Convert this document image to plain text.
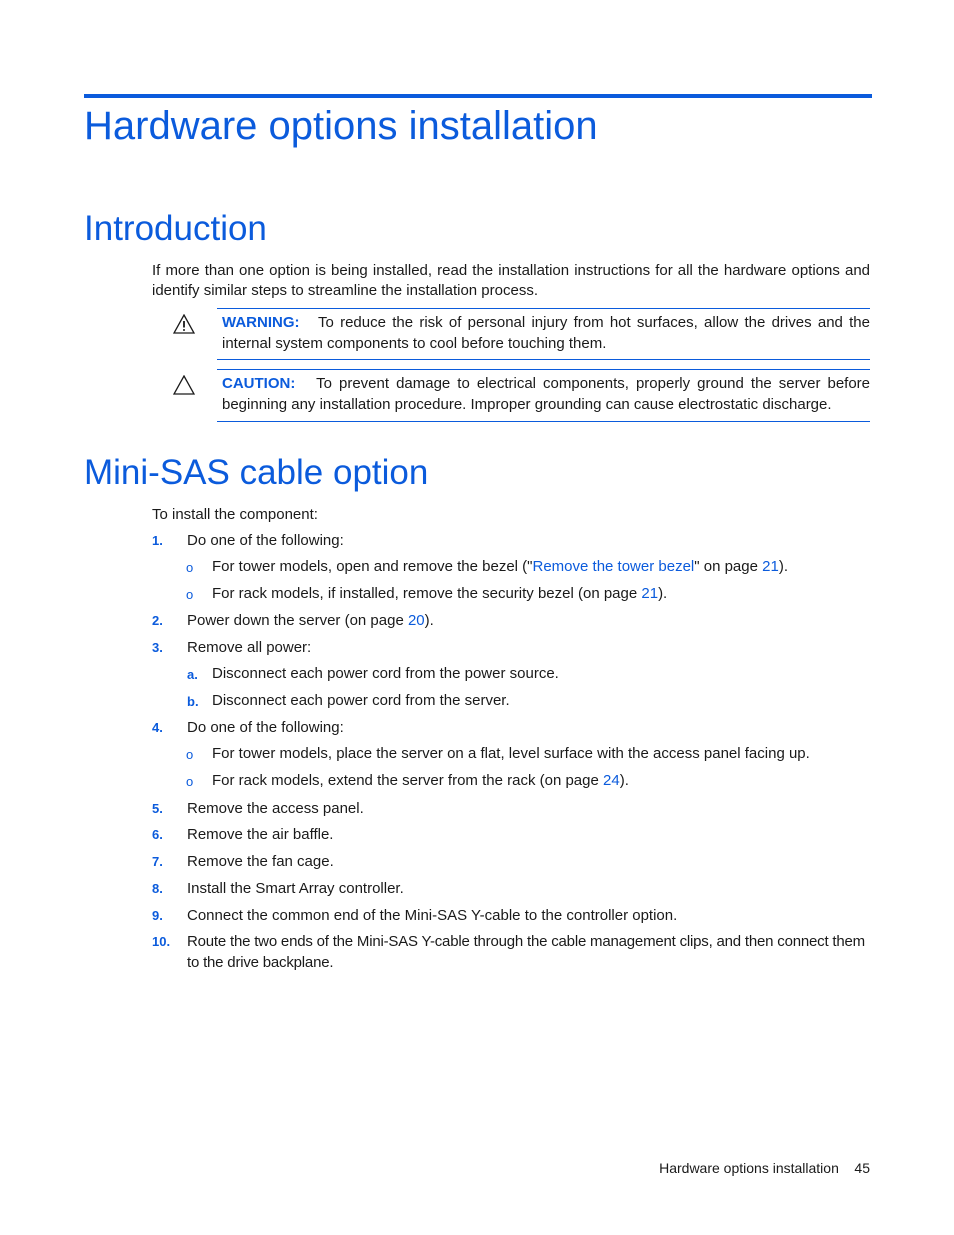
Hardware options installation
Introduction
If more than one option is being installed, read the installation instructions for all the hardware options and identify similar steps to streamline the installation process.
WARNING: To reduce the risk of personal injury from hot surfaces, allow the drives and the internal system components to cool before touching them.
CAUTION: To prevent damage to electrical components, properly ground the server before beginning any installation procedure. Improper grounding can cause electrostatic discharge.
Mini-SAS cable option
To install the component:
1. Do one of the following:
o For tower models, open and remove the bezel ("Remove the tower bezel" on page 21).
o For rack models, if installed, remove the security bezel (on page 21).
2. Power down the server (on page 20).
3. Remove all power:
a. Disconnect each power cord from the power source.
b. Disconnect each power cord from the server.
4. Do one of the following:
o For tower models, place the server on a flat, level surface with the access panel facing up.
o For rack models, extend the server from the rack (on page 24).
5. Remove the access panel.
6. Remove the air baffle.
7. Remove the fan cage.
8. Install the Smart Array controller.
9. Connect the common end of the Mini-SAS Y-cable to the controller option.
10. Route the two ends of the Mini-SAS Y-cable through the cable management clips, and then connect them to the drive backplane.
Hardware options installation 45
